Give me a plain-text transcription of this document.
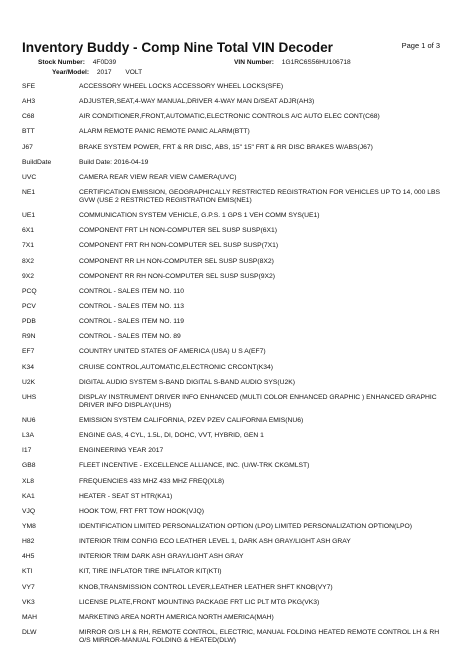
Inventory Buddy - Comp Nine Total VIN Decoder	Page 1 of 3
Stock Number: 4F0D39	VIN Number: 1G1RC6S56HU106718
Year/Model: 2017 VOLT
SFE	ACCESSORY WHEEL LOCKS ACCESSORY WHEEL LOCKS(SFE)
AH3	ADJUSTER,SEAT,4-WAY MANUAL,DRIVER 4-WAY MAN D/SEAT ADJR(AH3)
C68	AIR CONDITIONER,FRONT,AUTOMATIC,ELECTRONIC CONTROLS A/C AUTO ELEC CONT(C68)
BTT	ALARM REMOTE PANIC REMOTE PANIC ALARM(BTT)
J67	BRAKE SYSTEM POWER, FRT & RR DISC, ABS, 15" 15" FRT & RR DISC BRAKES W/ABS(J67)
BuildDate	Build Date: 2016-04-19
UVC	CAMERA REAR VIEW REAR VIEW CAMERA(UVC)
NE1	CERTIFICATION EMISSION, GEOGRAPHICALLY RESTRICTED REGISTRATION FOR VEHICLES UP TO 14, 000 LBS GVW (USE 2 RESTRICTED REGISTRATION EMIS(NE1)
UE1	COMMUNICATION SYSTEM VEHICLE, G.P.S. 1 GPS 1 VEH COMM SYS(UE1)
6X1	COMPONENT FRT LH NON-COMPUTER SEL SUSP SUSP(6X1)
7X1	COMPONENT FRT RH NON-COMPUTER SEL SUSP SUSP(7X1)
8X2	COMPONENT RR LH NON-COMPUTER SEL SUSP SUSP(8X2)
9X2	COMPONENT RR RH NON-COMPUTER SEL SUSP SUSP(9X2)
PCQ	CONTROL - SALES ITEM NO. 110
PCV	CONTROL - SALES ITEM NO. 113
PDB	CONTROL - SALES ITEM NO. 119
R9N	CONTROL - SALES ITEM NO. 89
EF7	COUNTRY UNITED STATES OF AMERICA (USA) U S A(EF7)
K34	CRUISE CONTROL,AUTOMATIC,ELECTRONIC CRCONT(K34)
U2K	DIGITAL AUDIO SYSTEM S-BAND DIGITAL S-BAND AUDIO SYS(U2K)
UHS	DISPLAY INSTRUMENT DRIVER INFO ENHANCED (MULTI COLOR ENHANCED GRAPHIC ) ENHANCED GRAPHIC DRIVER INFO DISPLAY(UHS)
NU6	EMISSION SYSTEM CALIFORNIA, PZEV PZEV CALIFORNIA EMIS(NU6)
L3A	ENGINE GAS, 4 CYL, 1.5L, DI, DOHC, VVT, HYBRID, GEN 1
I17	ENGINEERING YEAR 2017
GB8	FLEET INCENTIVE - EXCELLENCE ALLIANCE, INC. (U/W-TRK CKGMLST)
XL8	FREQUENCIES 433 MHZ 433 MHZ FREQ(XL8)
KA1	HEATER - SEAT ST HTR(KA1)
VJQ	HOOK TOW, FRT FRT TOW HOOK(VJQ)
YM8	IDENTIFICATION LIMITED PERSONALIZATION OPTION (LPO) LIMITED PERSONALIZATION OPTION(LPO)
H82	INTERIOR TRIM CONFIG ECO LEATHER LEVEL 1, DARK ASH GRAY/LIGHT ASH GRAY
4H5	INTERIOR TRIM DARK ASH GRAY/LIGHT ASH GRAY
KTI	KIT, TIRE INFLATOR TIRE INFLATOR KIT(KTI)
VY7	KNOB,TRANSMISSION CONTROL LEVER,LEATHER LEATHER SHFT KNOB(VY7)
VK3	LICENSE PLATE,FRONT MOUNTING PACKAGE FRT LIC PLT MTG PKG(VK3)
MAH	MARKETING AREA NORTH AMERICA NORTH AMERICA(MAH)
DLW	MIRROR O/S LH & RH, REMOTE CONTROL, ELECTRIC, MANUAL FOLDING HEATED REMOTE CONTROL LH & RH O/S MIRROR-MANUAL FOLDING & HEATED(DLW)
